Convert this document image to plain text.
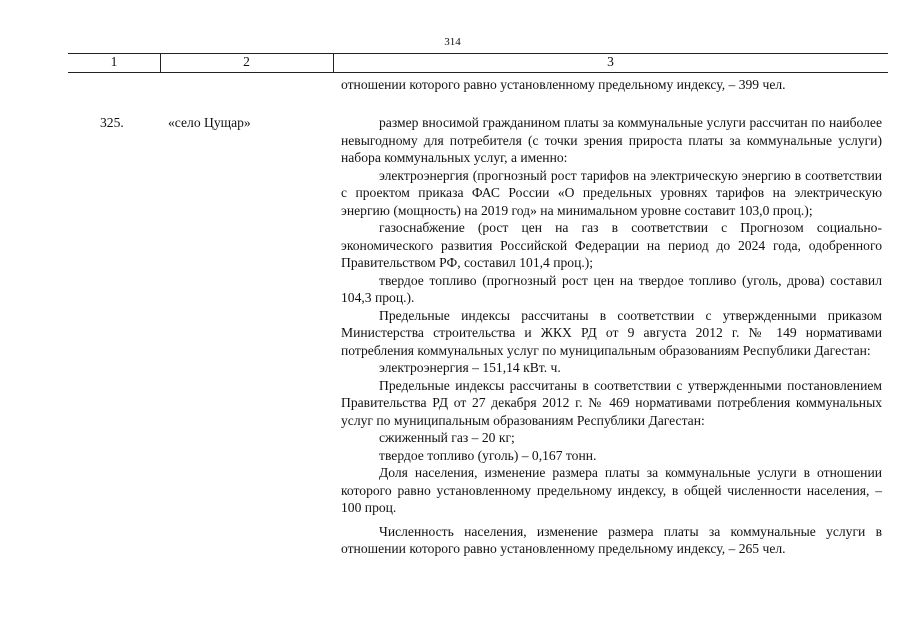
314
1	2	3
отношении которого равно установленному предельному индексу, – 399 чел.
325.	«село Цущар»	размер вносимой гражданином платы за коммунальные услуги рассчитан по наиболее невыгодному для потребителя (с точки зрения прироста платы за коммунальные услуги) набора коммунальных услуг, а именно:

электроэнергия (прогнозный рост тарифов на электрическую энергию в соответствии с проектом приказа ФАС России «О предельных уровнях тарифов на электрическую энергию (мощность) на 2019 год» на минимальном уровне составит 103,0 проц.);

газоснабжение (рост цен на газ в соответствии с Прогнозом социально-экономического развития Российской Федерации на период до 2024 года, одобренного Правительством РФ, составил 101,4 проц.);

твердое топливо (прогнозный рост цен на твердое топливо (уголь, дрова) составил 104,3 проц.).

Предельные индексы рассчитаны в соответствии с утвержденными приказом Министерства строительства и ЖКХ РД от 9 августа 2012 г. № 149 нормативами потребления коммунальных услуг по муниципальным образованиям Республики Дагестан:

электроэнергия – 151,14 кВт. ч.

Предельные индексы рассчитаны в соответствии с утвержденными постановлением Правительства РД от 27 декабря 2012 г. № 469 нормативами потребления коммунальных услуг по муниципальным образованиям Республики Дагестан:

сжиженный газ – 20 кг;

твердое топливо (уголь) – 0,167 тонн.

Доля населения, изменение размера платы за коммунальные услуги в отношении которого равно установленному предельному индексу, в общей численности населения, – 100 проц.

Численность населения, изменение размера платы за коммунальные услуги в отношении которого равно установленному предельному индексу, – 265 чел.
